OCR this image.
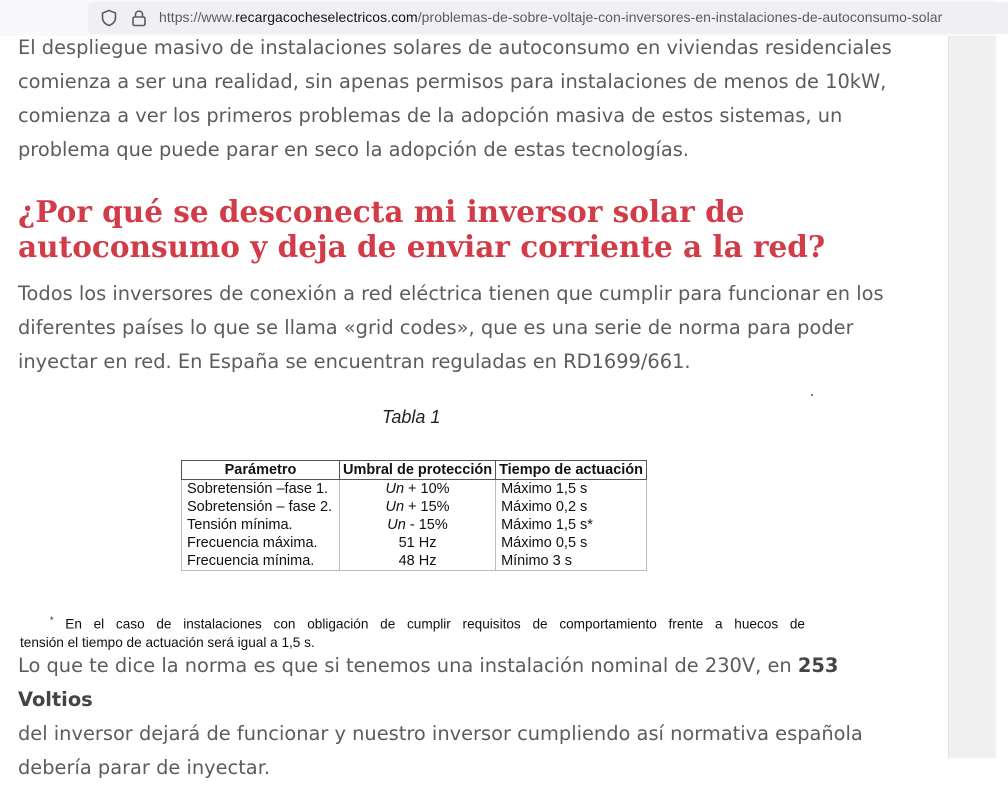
https://www.recargacocheselectricos.com/problemas-de-sobre-voltaje-con-inversores-en-instalaciones-de-autoconsumo-solar

El despliegue masivo de instalaciones solares de autoconsumo en viviendas residenciales
comienza a ser una realidad, sin apenas permisos para instalaciones de menos de 10kW,
comienza a ver los primeros problemas de la adopción masiva de estos sistemas, un
problema que puede parar en seco la adopción de estas tecnologías.

¿Por qué se desconecta mi inversor solar de
autoconsumo y deja de enviar corriente a la red?

Todos los inversores de conexión a red eléctrica tienen que cumplir para funcionar en los
diferentes países lo que se llama «grid codes», que es una serie de norma para poder
inyectar en red. En España se encuentran reguladas en RD1699/661.

Tabla 1
Parámetro	Umbral de protección	Tiempo de actuación
Sobretensión –fase 1.	Un + 10%	Máximo 1,5 s
Sobretensión – fase 2.	Un + 15%	Máximo 0,2 s
Tensión mínima.	Un - 15%	Máximo 1,5 s*
Frecuencia máxima.	51 Hz	Máximo 0,5 s
Frecuencia mínima.	48 Hz	Mínimo 3 s
* En el caso de instalaciones con obligación de cumplir requisitos de comportamiento frente a huecos de
tensión el tiempo de actuación será igual a 1,5 s.

Lo que te dice la norma es que si tenemos una instalación nominal de 230V, en 253 Voltios
del inversor dejará de funcionar y nuestro inversor cumpliendo así normativa española
debería parar de inyectar.
